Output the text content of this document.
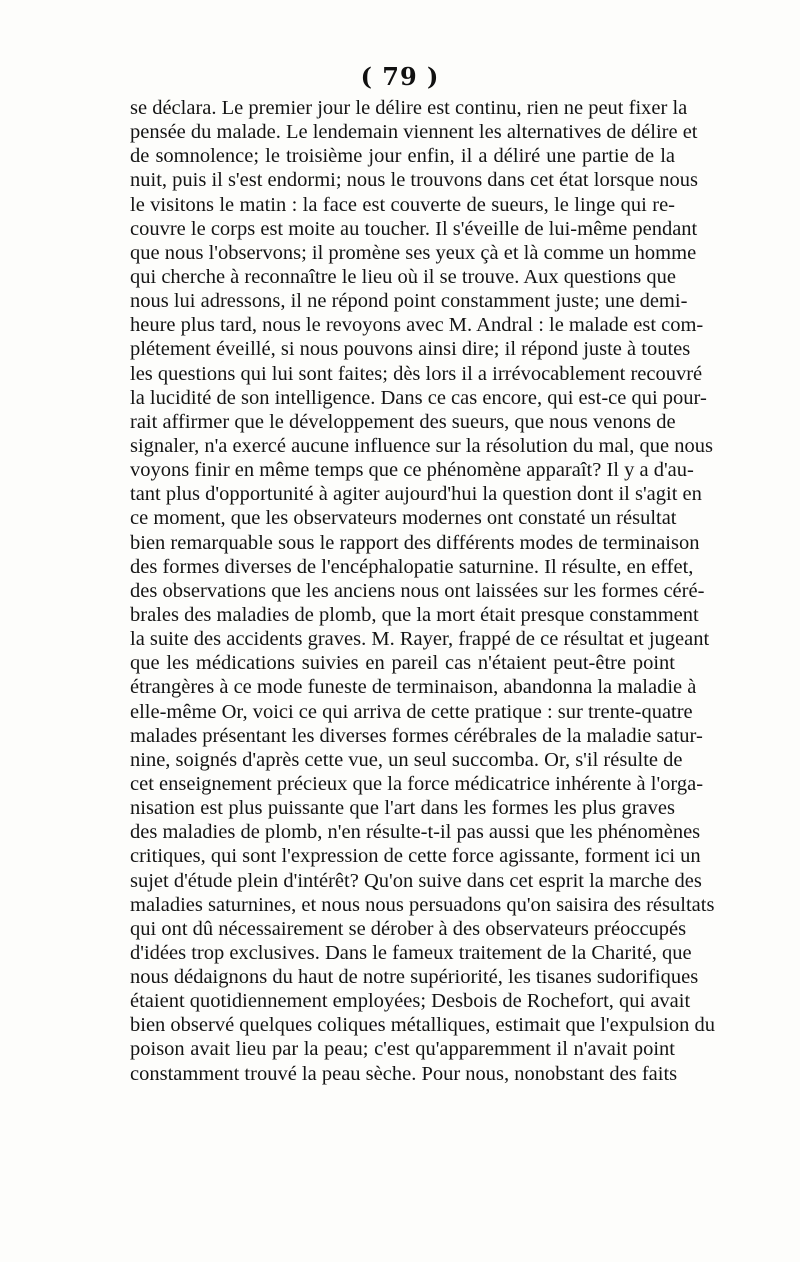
( 79 )
se déclara. Le premier jour le délire est continu, rien ne peut fixer la
pensée du malade. Le lendemain viennent les alternatives de délire et
de somnolence; le troisième jour enfin, il a déliré une partie de la
nuit, puis il s'est endormi; nous le trouvons dans cet état lorsque nous
le visitons le matin : la face est couverte de sueurs, le linge qui re-
couvre le corps est moite au toucher. Il s'éveille de lui-même pendant
que nous l'observons; il promène ses yeux çà et là comme un homme
qui cherche à reconnaître le lieu où il se trouve. Aux questions que
nous lui adressons, il ne répond point constamment juste; une demi-
heure plus tard, nous le revoyons avec M. Andral : le malade est com-
plétement éveillé, si nous pouvons ainsi dire; il répond juste à toutes
les questions qui lui sont faites; dès lors il a irrévocablement recouvré
la lucidité de son intelligence. Dans ce cas encore, qui est-ce qui pour-
rait affirmer que le développement des sueurs, que nous venons de
signaler, n'a exercé aucune influence sur la résolution du mal, que nous
voyons finir en même temps que ce phénomène apparaît? Il y a d'au-
tant plus d'opportunité à agiter aujourd'hui la question dont il s'agit en
ce moment, que les observateurs modernes ont constaté un résultat
bien remarquable sous le rapport des différents modes de terminaison
des formes diverses de l'encéphalopatie saturnine. Il résulte, en effet,
des observations que les anciens nous ont laissées sur les formes céré-
brales des maladies de plomb, que la mort était presque constamment
la suite des accidents graves. M. Rayer, frappé de ce résultat et jugeant
que les médications suivies en pareil cas n'étaient peut-être point
étrangères à ce mode funeste de terminaison, abandonna la maladie à
elle-même Or, voici ce qui arriva de cette pratique : sur trente-quatre
malades présentant les diverses formes cérébrales de la maladie satur-
nine, soignés d'après cette vue, un seul succomba. Or, s'il résulte de
cet enseignement précieux que la force médicatrice inhérente à l'orga-
nisation est plus puissante que l'art dans les formes les plus graves
des maladies de plomb, n'en résulte-t-il pas aussi que les phénomènes
critiques, qui sont l'expression de cette force agissante, forment ici un
sujet d'étude plein d'intérêt? Qu'on suive dans cet esprit la marche des
maladies saturnines, et nous nous persuadons qu'on saisira des résultats
qui ont dû nécessairement se dérober à des observateurs préoccupés
d'idées trop exclusives. Dans le fameux traitement de la Charité, que
nous dédaignons du haut de notre supériorité, les tisanes sudorifiques
étaient quotidiennement employées; Desbois de Rochefort, qui avait
bien observé quelques coliques métalliques, estimait que l'expulsion du
poison avait lieu par la peau; c'est qu'apparemment il n'avait point
constamment trouvé la peau sèche. Pour nous, nonobstant des faits
